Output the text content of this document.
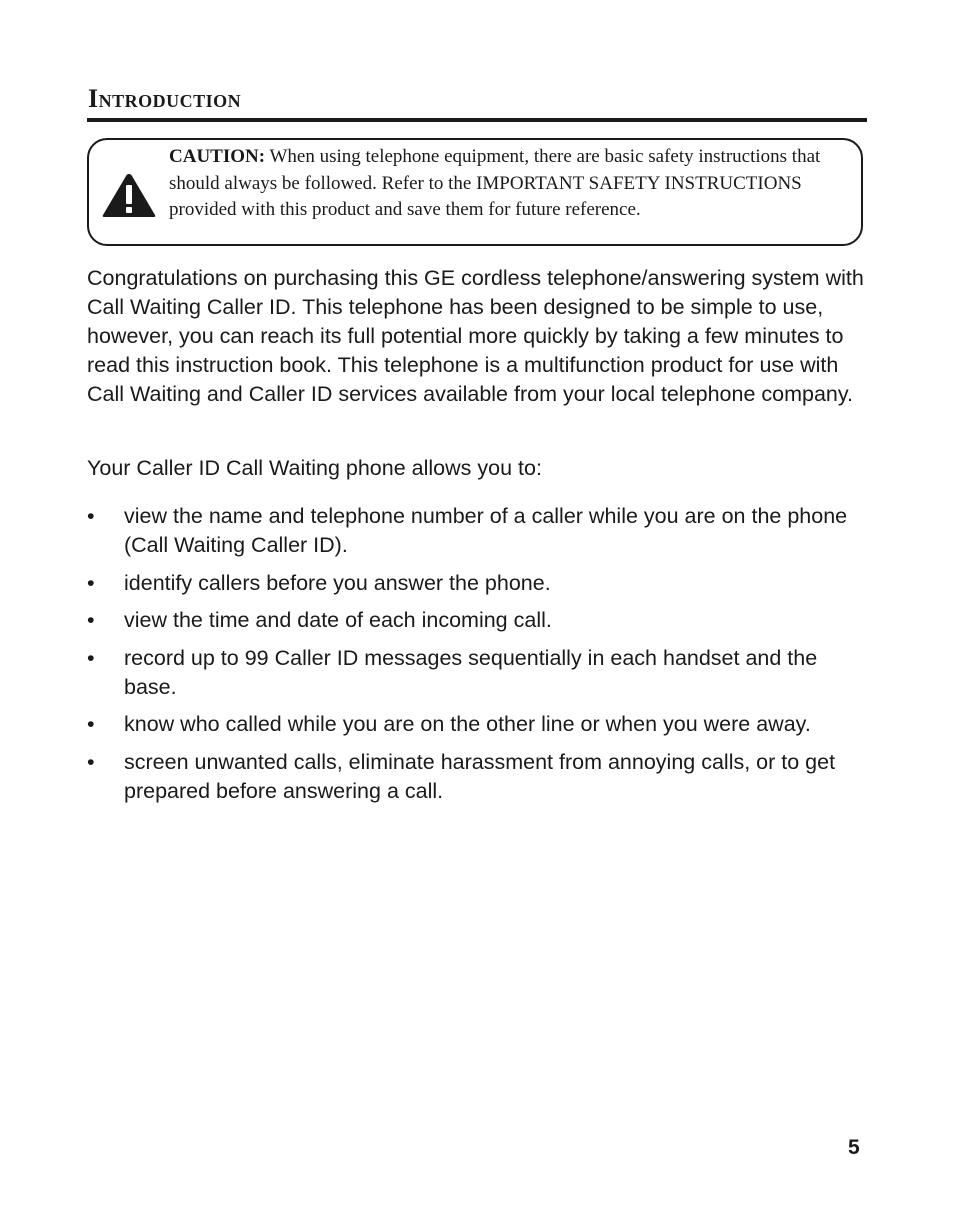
Introduction
CAUTION: When using telephone equipment, there are basic safety instructions that should always be followed. Refer to the IMPORTANT SAFETY INSTRUCTIONS provided with this product and save them for future reference.

Congratulations on purchasing this GE cordless telephone/answering system with Call Waiting Caller ID. This telephone has been designed to be simple to use, however, you can reach its full potential more quickly by taking a few minutes to read this instruction book. This telephone is a multifunction product for use with Call Waiting and Caller ID services available from your local telephone company.

Your Caller ID Call Waiting phone allows you to:

• view the name and telephone number of a caller while you are on the phone (Call Waiting Caller ID).
• identify callers before you answer the phone.
• view the time and date of each incoming call.
• record up to 99 Caller ID messages sequentially in each handset and the base.
• know who called while you are on the other line or when you were away.
• screen unwanted calls, eliminate harassment from annoying calls, or to get prepared before answering a call.
5
